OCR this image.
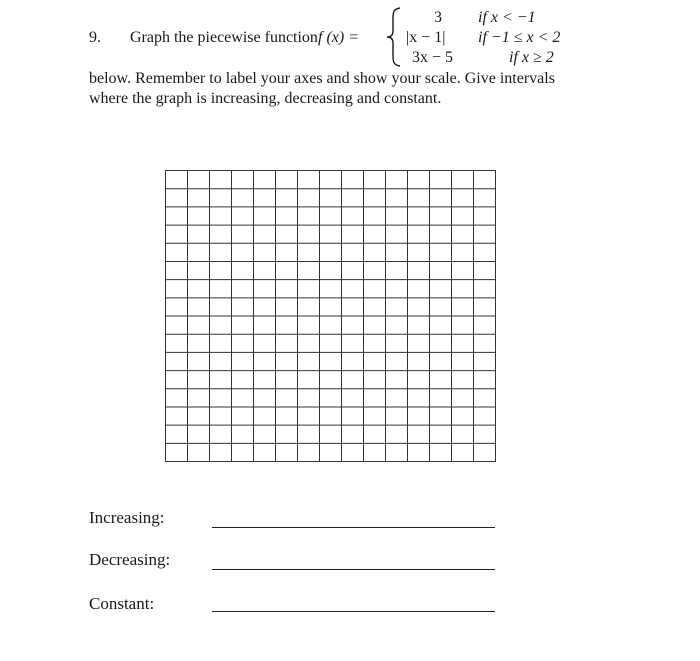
9. Graph the piecewise function f (x) =
3
|x − 1|
3x − 5
if x < −1
if −1 ≤ x < 2
if x ≥ 2
below. Remember to label your axes and show your scale. Give intervals
where the graph is increasing, decreasing and constant.
Increasing:
Decreasing:
Constant:
